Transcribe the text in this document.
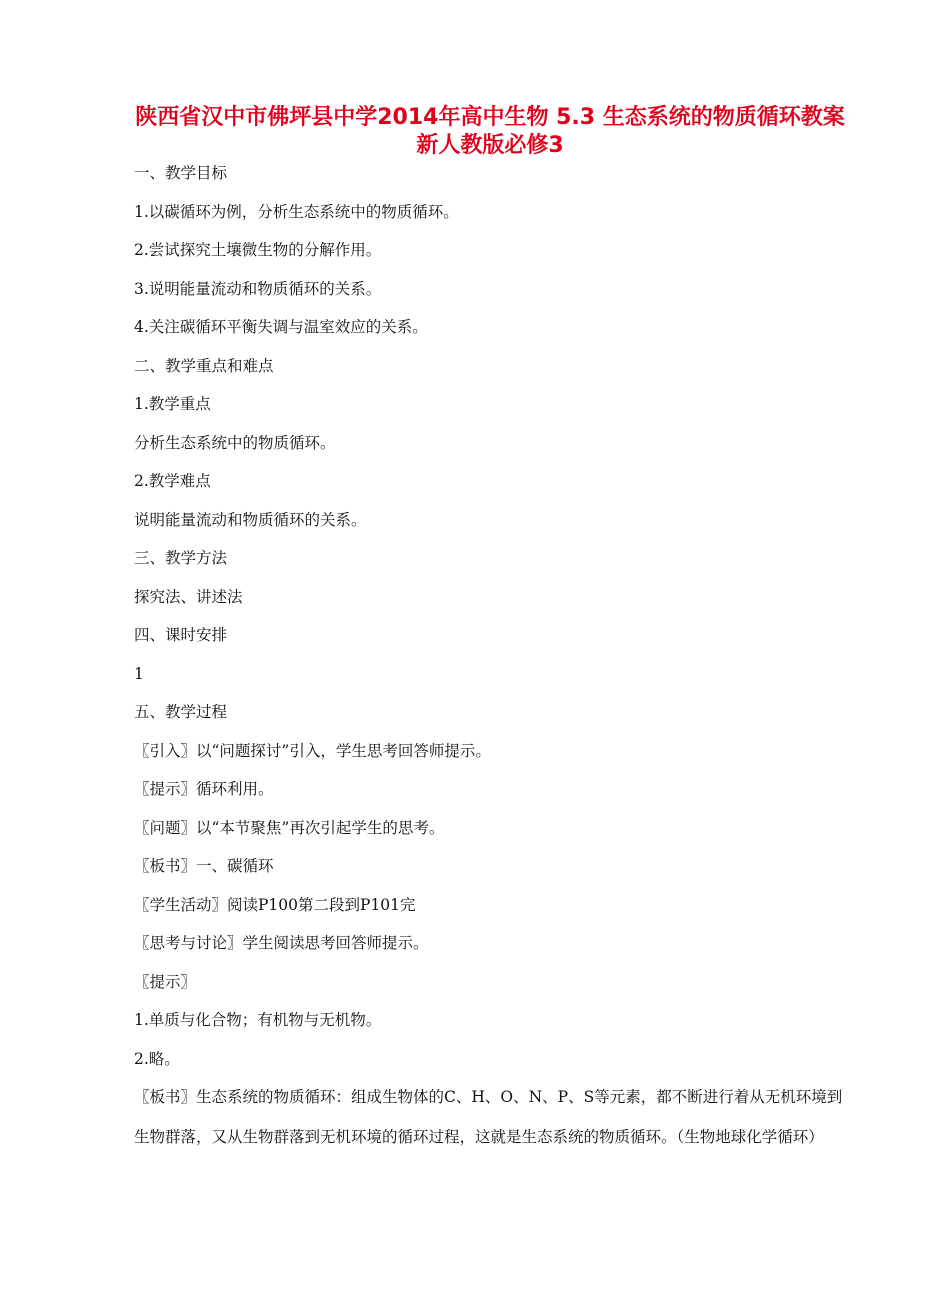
陕西省汉中市佛坪县中学2014年高中生物 5.3 生态系统的物质循环教案 新人教版必修3
一、教学目标
1.以碳循环为例，分析生态系统中的物质循环。
2.尝试探究土壤微生物的分解作用。
3.说明能量流动和物质循环的关系。
4.关注碳循环平衡失调与温室效应的关系。
二、教学重点和难点
1.教学重点
分析生态系统中的物质循环。
2.教学难点
说明能量流动和物质循环的关系。
三、教学方法
探究法、讲述法
四、课时安排
1
五、教学过程
〖引入〗以“问题探讨”引入，学生思考回答师提示。
〖提示〗循环利用。
〖问题〗以“本节聚焦”再次引起学生的思考。
〖板书〗一、碳循环
〖学生活动〗阅读P100第二段到P101完
〖思考与讨论〗学生阅读思考回答师提示。
〖提示〗
1.单质与化合物；有机物与无机物。
2.略。
〖板书〗生态系统的物质循环：组成生物体的C、H、O、N、P、S等元素，都不断进行着从无机环境到生物群落，又从生物群落到无机环境的循环过程，这就是生态系统的物质循环。（生物地球化学循环）
